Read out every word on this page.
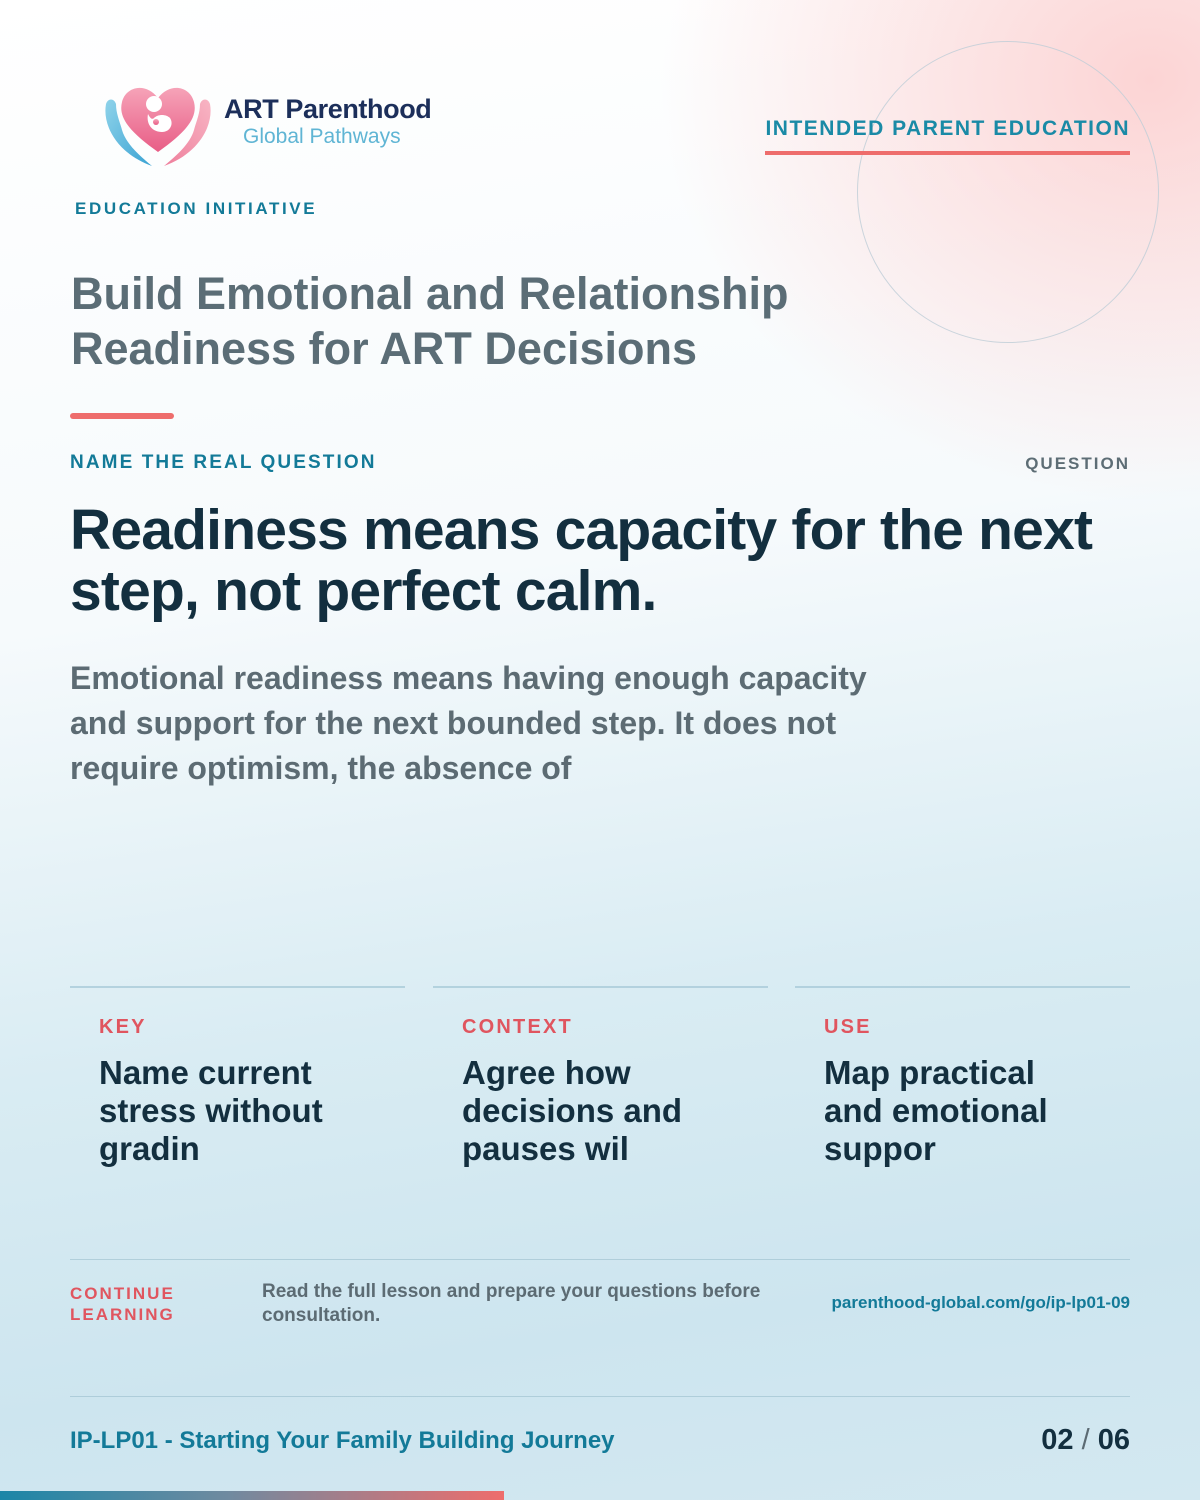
ART Parenthood
Global Pathways
EDUCATION INITIATIVE
INTENDED PARENT EDUCATION
Build Emotional and Relationship Readiness for ART Decisions
NAME THE REAL QUESTION	QUESTION
Readiness means capacity for the next step, not perfect calm.

Emotional readiness means having enough capacity and support for the next bounded step. It does not require optimism, the absence of

KEY
Name current stress without gradin
CONTEXT
Agree how decisions and pauses wil
USE
Map practical and emotional suppor
CONTINUE LEARNING
Read the full lesson and prepare your questions before consultation.
parenthood-global.com/go/ip-lp01-09
IP-LP01 - Starting Your Family Building Journey	02 / 06
